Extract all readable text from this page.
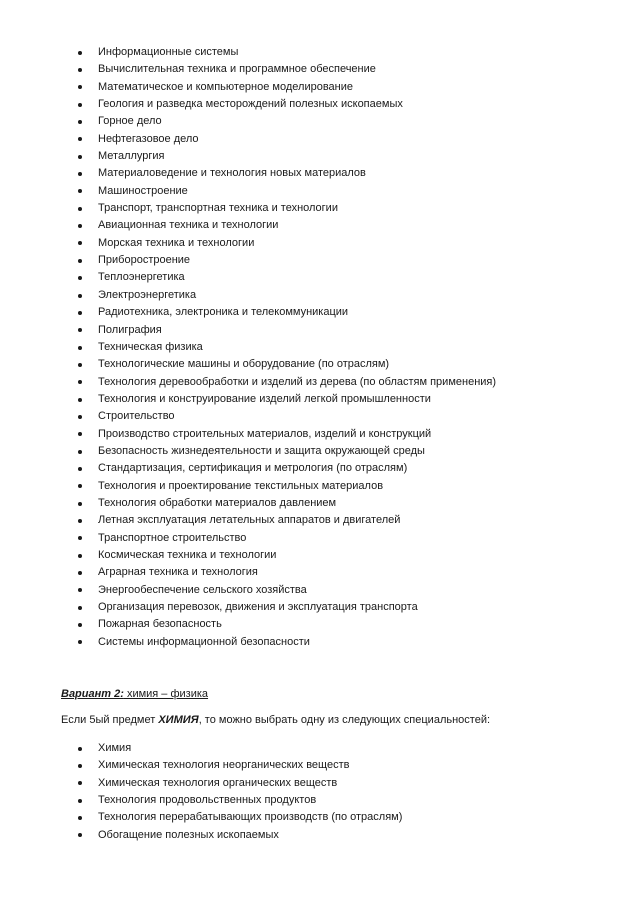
Информационные системы
Вычислительная техника и программное обеспечение
Математическое и компьютерное моделирование
Геология и разведка месторождений полезных ископаемых
Горное дело
Нефтегазовое дело
Металлургия
Материаловедение и технология новых материалов
Машиностроение
Транспорт, транспортная техника и технологии
Авиационная техника и технологии
Морская техника и технологии
Приборостроение
Теплоэнергетика
Электроэнергетика
Радиотехника, электроника и телекоммуникации
Полиграфия
Техническая физика
Технологические машины и оборудование (по отраслям)
Технология деревообработки и изделий из дерева (по областям применения)
Технология и конструирование изделий легкой промышленности
Строительство
Производство строительных материалов, изделий и конструкций
Безопасность жизнедеятельности и защита окружающей среды
Стандартизация, сертификация и метрология (по отраслям)
Технология и проектирование текстильных материалов
Технология обработки материалов давлением
Летная эксплуатация летательных аппаратов и двигателей
Транспортное строительство
Космическая техника и технологии
Аграрная техника и технология
Энергообеспечение сельского хозяйства
Организация перевозок, движения и эксплуатация транспорта
Пожарная безопасность
Системы информационной безопасности
Вариант 2: химия – физика
Если 5ый предмет ХИМИЯ, то можно выбрать одну из следующих специальностей:
Химия
Химическая технология неорганических веществ
Химическая технология органических веществ
Технология продовольственных продуктов
Технология перерабатывающих производств (по отраслям)
Обогащение полезных ископаемых
